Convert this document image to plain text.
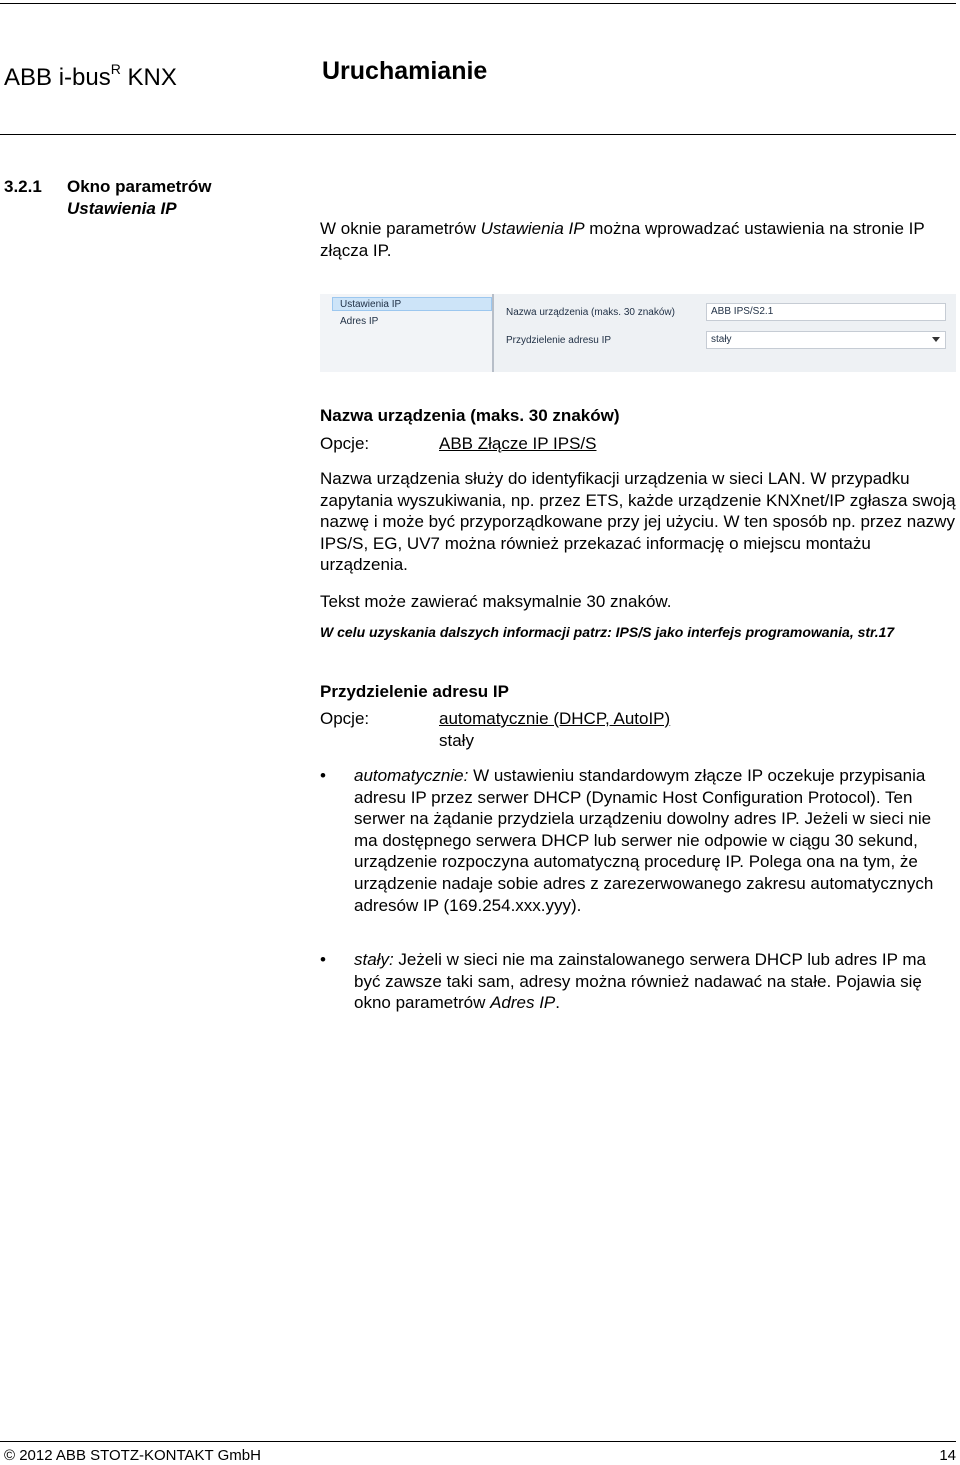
ABB i-bus$^R$ KNX	Uruchamianie
3.2.1 Okno parametrów
Ustawienia IP
W oknie parametrów Ustawienia IP można wprowadzać ustawienia na stronie IP złącza IP.
Ustawienia IP
Adres IP
Nazwa urządzenia (maks. 30 znaków)	ABB IPS/S2.1
Przydzielenie adresu IP	stały
Nazwa urządzenia (maks. 30 znaków)
Opcje:	ABB Złącze IP IPS/S
Nazwa urządzenia służy do identyfikacji urządzenia w sieci LAN. W przypadku zapytania wyszukiwania, np. przez ETS, każde urządzenie KNXnet/IP zgłasza swoją nazwę i może być przyporządkowane przy jej użyciu. W ten sposób np. przez nazwy IPS/S, EG, UV7 można również przekazać informację o miejscu montażu urządzenia.
Tekst może zawierać maksymalnie 30 znaków.
W celu uzyskania dalszych informacji patrz: IPS/S jako interfejs programowania, str.17
Przydzielenie adresu IP
Opcje:	automatycznie (DHCP, AutoIP)
stały
• automatycznie: W ustawieniu standardowym złącze IP oczekuje przypisania adresu IP przez serwer DHCP (Dynamic Host Configuration Protocol). Ten serwer na żądanie przydziela urządzeniu dowolny adres IP. Jeżeli w sieci nie ma dostępnego serwera DHCP lub serwer nie odpowie w ciągu 30 sekund, urządzenie rozpoczyna automatyczną procedurę IP. Polega ona na tym, że urządzenie nadaje sobie adres z zarezerwowanego zakresu automatycznych adresów IP (169.254.xxx.yyy).
• stały: Jeżeli w sieci nie ma zainstalowanego serwera DHCP lub adres IP ma być zawsze taki sam, adresy można również nadawać na stałe. Pojawia się okno parametrów Adres IP.
© 2012 ABB STOTZ-KONTAKT GmbH	14
